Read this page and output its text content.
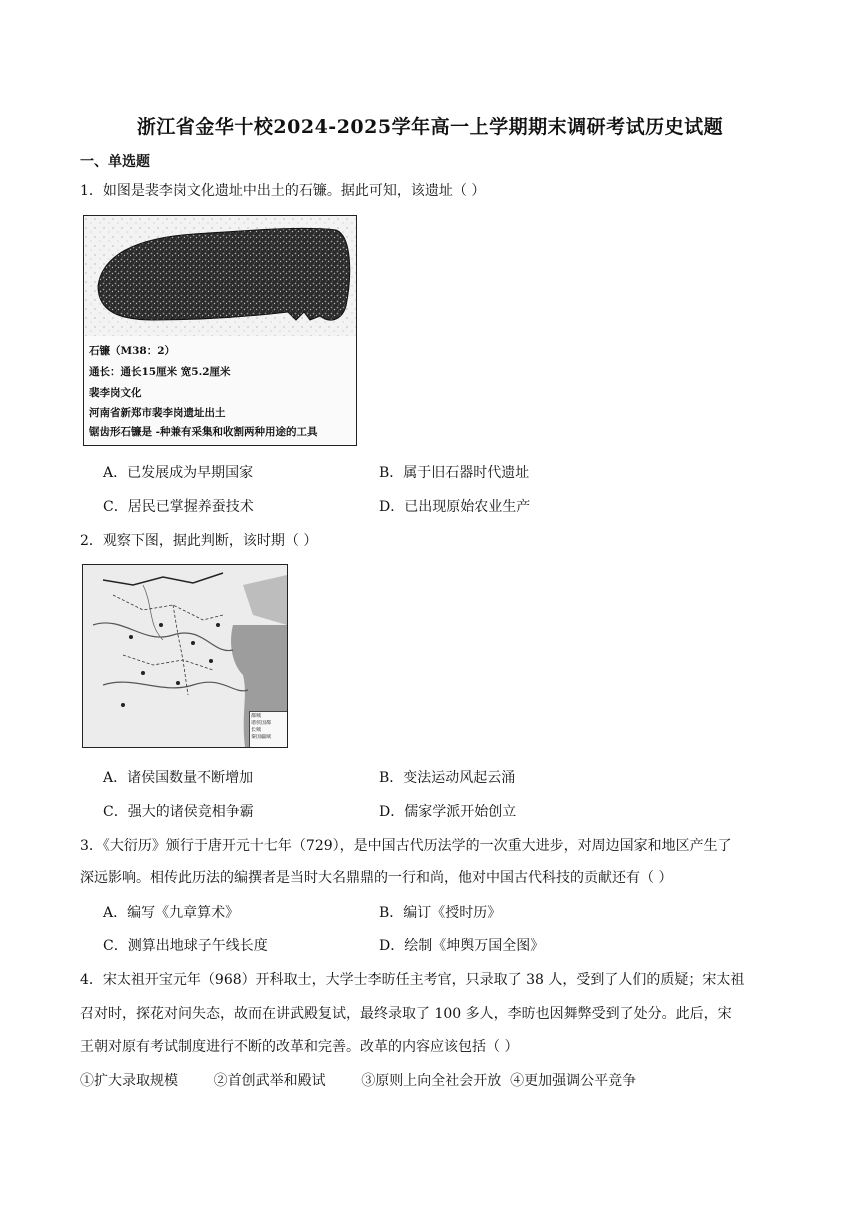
浙江省金华十校2024-2025学年高一上学期期末调研考试历史试题
一、单选题
1．如图是裴李岗文化遗址中出土的石镰。据此可知，该遗址（ ）
石镰（M38：2）
通长：通长15厘米 宽5.2厘米
裴李岗文化
河南省新郑市裴李岗遗址出土
锯齿形石镰是 -种兼有采集和收割两种用途的工具
A．已发展成为早期国家	B．属于旧石器时代遗址
C．居民已掌握养蚕技术	D．已出现原始农业生产
2．观察下图，据此判断，该时期（ ）
都城
诸侯国都
长城
秦国疆域
A．诸侯国数量不断增加	B．变法运动风起云涌
C．强大的诸侯竞相争霸	D．儒家学派开始创立
3．《大衍历》颁行于唐开元十七年（729），是中国古代历法学的一次重大进步，对周边国家和地区产生了
深远影响。相传此历法的编撰者是当时大名鼎鼎的一行和尚，他对中国古代科技的贡献还有（ ）
A．编写《九章算术》	B．编订《授时历》
C．测算出地球子午线长度	D．绘制《坤舆万国全图》
4．宋太祖开宝元年（968）开科取士，大学士李昉任主考官，只录取了 38 人，受到了人们的质疑；宋太祖
召对时，探花对问失态，故而在讲武殿复试，最终录取了 100 多人，李昉也因舞弊受到了处分。此后，宋
王朝对原有考试制度进行不断的改革和完善。改革的内容应该包括（ ）
①扩大录取规模        ②首创武举和殿试        ③原则上向全社会开放  ④更加强调公平竞争
